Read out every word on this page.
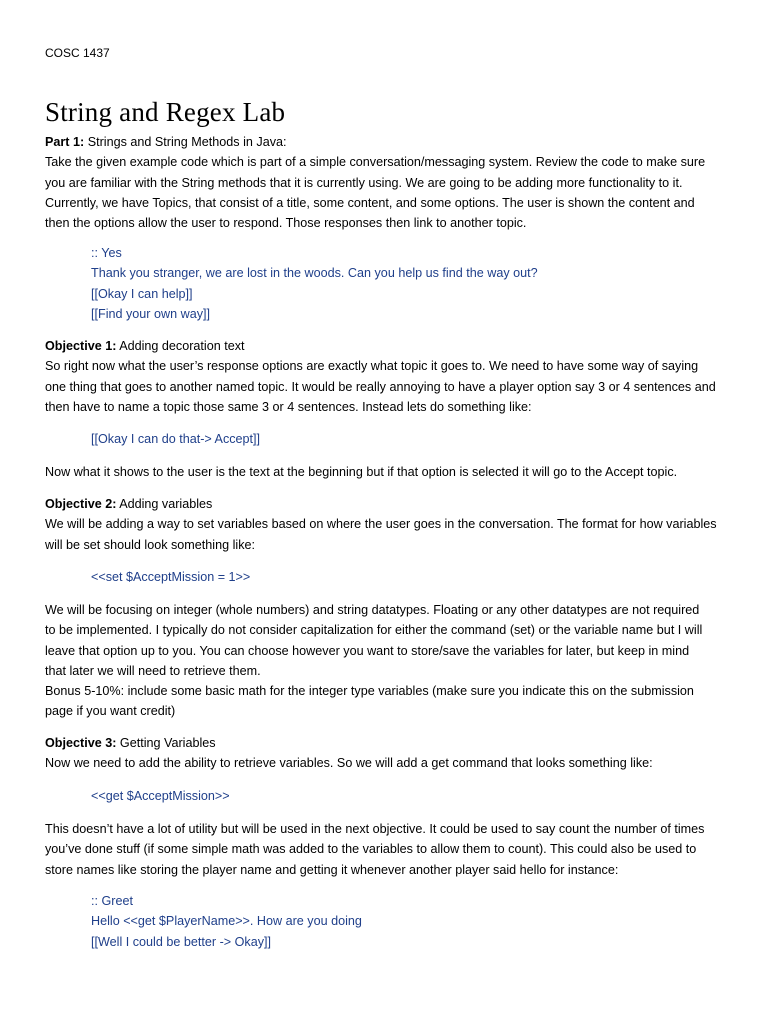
COSC 1437
String and Regex Lab
Part 1: Strings and String Methods in Java:
Take the given example code which is part of a simple conversation/messaging system. Review the code to make sure
you are familiar with the String methods that it is currently using. We are going to be adding more functionality to it.
Currently, we have Topics, that consist of a title, some content, and some options. The user is shown the content and
then the options allow the user to respond. Those responses then link to another topic.
:: Yes
Thank you stranger, we are lost in the woods. Can you help us find the way out?
[[Okay I can help]]
[[Find your own way]]
Objective 1: Adding decoration text
So right now what the user’s response options are exactly what topic it goes to. We need to have some way of saying
one thing that goes to another named topic. It would be really annoying to have a player option say 3 or 4 sentences and
then have to name a topic those same 3 or 4 sentences. Instead lets do something like:
[[Okay I can do that-> Accept]]
Now what it shows to the user is the text at the beginning but if that option is selected it will go to the Accept topic.
Objective 2: Adding variables
We will be adding a way to set variables based on where the user goes in the conversation. The format for how variables
will be set should look something like:
<<set $AcceptMission = 1>>
We will be focusing on integer (whole numbers) and string datatypes. Floating or any other datatypes are not required
to be implemented. I typically do not consider capitalization for either the command (set) or the variable name but I will
leave that option up to you. You can choose however you want to store/save the variables for later, but keep in mind
that later we will need to retrieve them.
Bonus 5-10%: include some basic math for the integer type variables (make sure you indicate this on the submission
page if you want credit)
Objective 3: Getting Variables
Now we need to add the ability to retrieve variables. So we will add a get command that looks something like:
<<get $AcceptMission>>
This doesn’t have a lot of utility but will be used in the next objective. It could be used to say count the number of times
you’ve done stuff (if some simple math was added to the variables to allow them to count). This could also be used to
store names like storing the player name and getting it whenever another player said hello for instance:
:: Greet
Hello <<get $PlayerName>>. How are you doing
[[Well I could be better -> Okay]]
